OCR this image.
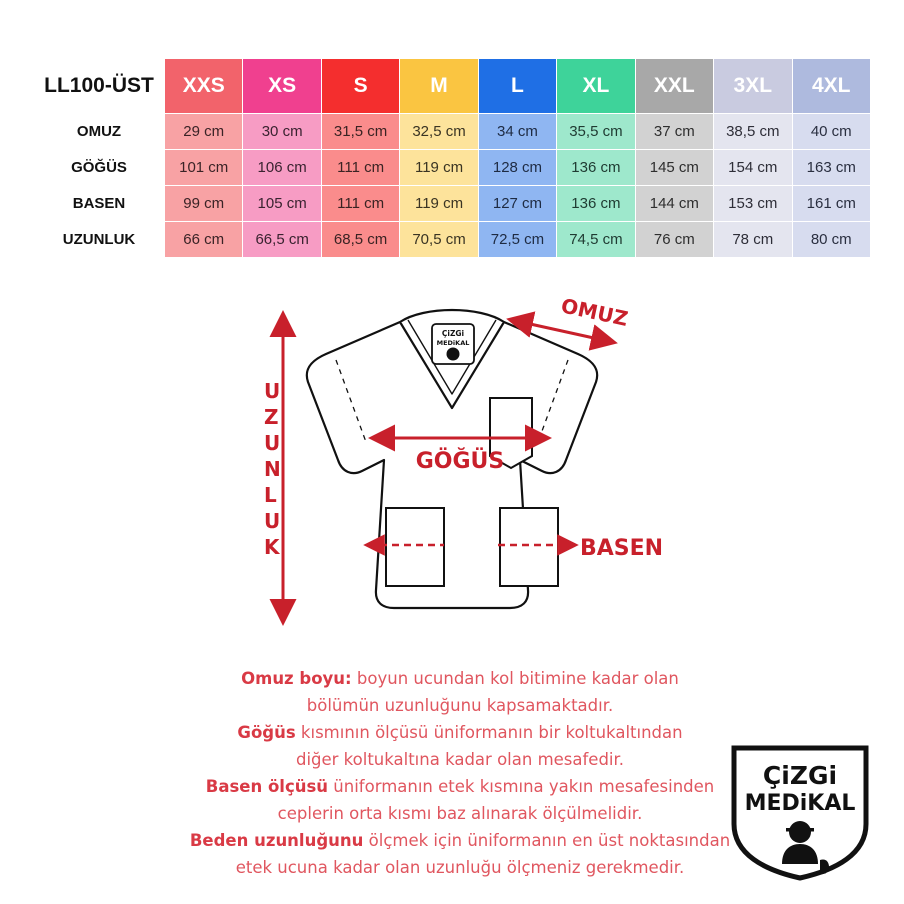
LL100-ÜST	XXS	XS	S	M	L	XL	XXL	3XL	4XL
OMUZ	29 cm	30 cm	31,5 cm	32,5 cm	34 cm	35,5 cm	37 cm	38,5 cm	40 cm
GÖĞÜS	101 cm	106 cm	111 cm	119 cm	128 cm	136 cm	145 cm	154 cm	163 cm
BASEN	99 cm	105 cm	111 cm	119 cm	127 cm	136 cm	144 cm	153 cm	161 cm
UZUNLUK	66 cm	66,5 cm	68,5 cm	70,5 cm	72,5 cm	74,5 cm	76 cm	78 cm	80 cm
ÇiZGi
MEDiKAL
OMUZ
GÖĞÜS
BASEN
U Z U N L U K

Omuz boyu: boyun ucundan kol bitimine kadar olan

bölümün uzunluğunu kapsamaktadır.

Göğüs kısmının ölçüsü üniformanın bir koltukaltından

diğer koltukaltına kadar olan mesafedir.

Basen ölçüsü üniformanın etek kısmına yakın mesafesinden

ceplerin orta kısmı baz alınarak ölçülmelidir.

Beden uzunluğunu ölçmek için üniformanın en üst noktasından

etek ucuna kadar olan uzunluğu ölçmeniz gerekmedir.

ÇiZGi
MEDiKAL
